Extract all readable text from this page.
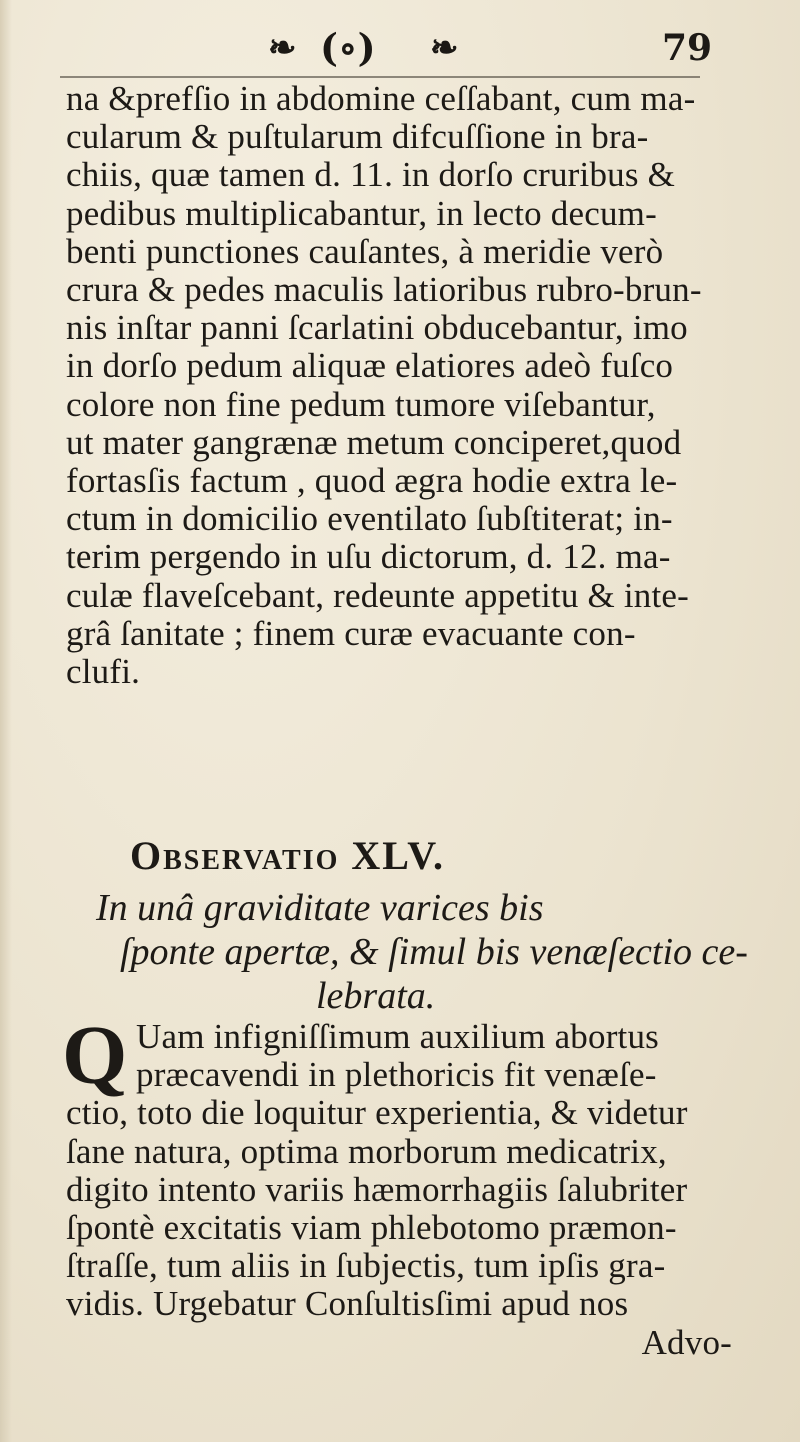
❧ (∘) ❧	79
na &prefſio in abdomine ceſſabant, cum ma-
cularum & puſtularum difcuſſione in bra-
chiis, quæ tamen d. 11. in dorſo cruribus &
pedibus multiplicabantur, in lecto decum-
benti punctiones cauſantes, à meridie verò
crura & pedes maculis latioribus rubro-brun-
nis inſtar panni ſcarlatini obducebantur, imo
in dorſo pedum aliquæ elatiores adeò fuſco
colore non fine pedum tumore viſebantur,
ut mater gangrænæ metum conciperet,quod
fortasſis factum , quod ægra hodie extra le-
ctum in domicilio eventilato ſubſtiterat; in-
terim pergendo in uſu dictorum, d. 12. ma-
culæ flaveſcebant, redeunte appetitu & inte-
grâ ſanitate ; finem curæ evacuante con-
clufi.
Observatio XLV.
In unâ graviditate varices bis
ſponte apertæ, & ſimul bis venæſectio ce-
lebrata.
Q Uam infigniſſimum auxilium abortus
præcavendi in plethoricis fit venæſe-
ctio, toto die loquitur experientia, & videtur
ſane natura, optima morborum medicatrix,
digito intento variis hæmorrhagiis ſalubriter
ſpontè excitatis viam phlebotomo præmon-
ſtraſſe, tum aliis in ſubjectis, tum ipſis gra-
vidis. Urgebatur Conſultisſimi apud nos
Advo-
